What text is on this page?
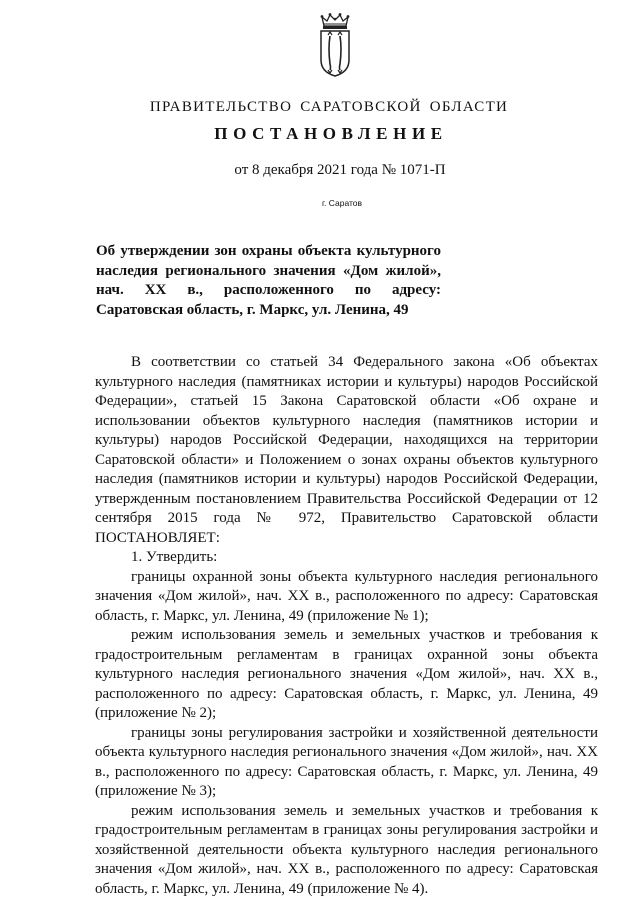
ПРАВИТЕЛЬСТВО САРАТОВСКОЙ ОБЛАСТИ
ПОСТАНОВЛЕНИЕ
от 8 декабря 2021 года № 1071-П
г. Саратов
Об утверждении зон охраны объекта культурного наследия регионального значения «Дом жилой», нач. XX в., расположенного по адресу: Саратовская область, г. Маркс, ул. Ленина, 49

В соответствии со статьей 34 Федерального закона «Об объектах культурного наследия (памятниках истории и культуры) народов Российской Федерации», статьей 15 Закона Саратовской области «Об охране и использовании объектов культурного наследия (памятников истории и культуры) народов Российской Федерации, находящихся на территории Саратовской области» и Положением о зонах охраны объектов культурного наследия (памятников истории и культуры) народов Российской Федерации, утвержденным постановлением Правительства Российской Федерации от 12 сентября 2015 года № 972, Правительство Саратовской области ПОСТАНОВЛЯЕТ:

1. Утвердить:

границы охранной зоны объекта культурного наследия регионального значения «Дом жилой», нач. XX в., расположенного по адресу: Саратовская область, г. Маркс, ул. Ленина, 49 (приложение № 1);

режим использования земель и земельных участков и требования к градостроительным регламентам в границах охранной зоны объекта культурного наследия регионального значения «Дом жилой», нач. XX в., расположенного по адресу: Саратовская область, г. Маркс, ул. Ленина, 49 (приложение № 2);

границы зоны регулирования застройки и хозяйственной деятельности объекта культурного наследия регионального значения «Дом жилой», нач. XX в., расположенного по адресу: Саратовская область, г. Маркс, ул. Ленина, 49 (приложение № 3);

режим использования земель и земельных участков и требования к градостроительным регламентам в границах зоны регулирования застройки и хозяйственной деятельности объекта культурного наследия регионального значения «Дом жилой», нач. XX в., расположенного по адресу: Саратовская область, г. Маркс, ул. Ленина, 49 (приложение № 4).
